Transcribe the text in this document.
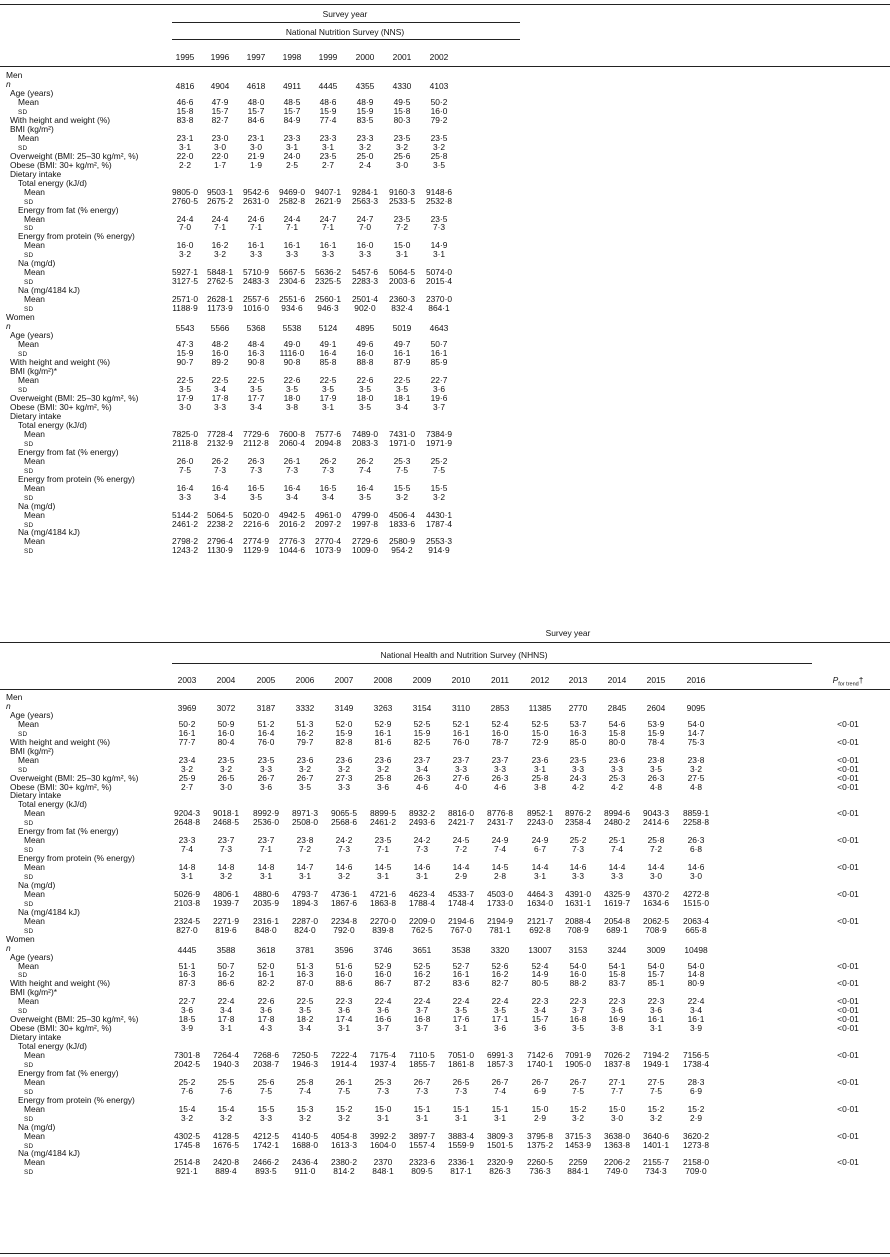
Survey year
National Nutrition Survey (NNS)
1995 1996 1997 1998 1999 2000 2001 2002
Men
n	4816 4904 4618 4911 4445 4355 4330 4103
Age (years)
Mean	46·6 47·9 48·0 48·5 48·6 48·9 49·5 50·2
SD	15·8 15·7 15·7 15·7 15·9 15·9 15·8 16·0
With height and weight (%)	83·8 82·7 84·6 84·9 77·4 83·5 80·3 79·2
BMI (kg/m²)
Mean	23·1 23·0 23·1 23·3 23·3 23·3 23·5 23·5
SD	3·1	3·0	3·0	3·1	3·1	3·2	3·2	3·2
Overweight (BMI: 25–30 kg/m², %)	22·0 22·0 21·9 24·0 23·5 25·0 25·6 25·8
Obese (BMI: 30+ kg/m², %)	2·2	1·7	1·9	2·5	2·7	2·4	3·0	3·5
Dietary intake
Total energy (kJ/d)
Mean	9805·0 9503·1 9542·6 9469·0 9407·1 9284·1 9160·3 9148·6
SD	2760·5 2675·2 2631·0 2582·8 2621·9 2563·3 2533·5 2532·8
Energy from fat (% energy)
Mean	24·4 24·4 24·6 24·4 24·7 24·7 23·5 23·5
SD	7·0	7·1	7·1	7·1	7·1	7·0	7·2	7·3
Energy from protein (% energy)
Mean	16·0 16·2 16·1 16·1 16·1 16·0 15·0 14·9
SD	3·2	3·2	3·3	3·3	3·3	3·3	3·1	3·1
Na (mg/d)
Mean	5927·1 5848·1 5710·9 5667·5 5636·2 5457·6 5064·5 5074·0
SD	3127·5 2762·5 2483·3 2304·6 2325·5 2283·3 2003·6 2015·4
Na (mg/4184 kJ)
Mean	2571·0 2628·1 2557·6 2551·6 2560·1 2501·4 2360·3 2370·0
SD	1188·9 1173·9 1016·0 934·6 946·3 902·0 832·4 864·1
Women
n	5543 5566 5368 5538 5124 4895 5019 4643
Age (years)
Mean	47·3 48·2 48·4 49·0 49·1 49·6 49·7 50·7
SD	15·9 16·0 16·3 1116·0 16·4 16·0 16·1 16·1
With height and weight (%)	90·7 89·2 90·8 90·8 85·8 88·8 87·9 85·9
BMI (kg/m²)*
Mean	22·5 22·5 22·5 22·6 22·5 22·6 22·5 22·7
SD	3·5	3·4	3·5	3·5	3·5	3·5	3·5	3·6
Overweight (BMI: 25–30 kg/m², %)	17·9 17·8 17·7 18·0 17·9 18·0 18·1 19·6
Obese (BMI: 30+ kg/m², %)	3·0	3·3	3·4	3·8	3·1	3·5	3·4	3·7
Dietary intake
Total energy (kJ/d)
Mean	7825·0 7728·4 7729·6 7600·8 7577·6 7489·0 7431·0 7384·9
SD	2118·8 2132·9 2112·8 2060·4 2094·8 2083·3 1971·0 1971·9
Energy from fat (% energy)
Mean	26·0 26·2 26·3 26·1 26·2 26·2 25·3 25·2
SD	7·5	7·3	7·3	7·3	7·3	7·4	7·5	7·5
Energy from protein (% energy)
Mean	16·4 16·4 16·5 16·4 16·5 16·4 15·5 15·5
SD	3·3	3·4	3·5	3·4	3·4	3·5	3·2	3·2
Na (mg/d)
Mean	5144·2 5064·5 5020·0 4942·5 4961·0 4799·0 4506·4 4430·1
SD	2461·2 2238·2 2216·6 2016·2 2097·2 1997·8 1833·6 1787·4
Na (mg/4184 kJ)
Mean	2798·2 2796·4 2774·9 2776·3 2770·4 2729·6 2580·9 2553·3
SD	1243·2 1130·9 1129·9 1044·6 1073·9 1009·0 954·2 914·9
Survey year
National Health and Nutrition Survey (NHNS)
2003 2004	2005 2006 2007 2008 2009 2010 2011	2012 2013 2014 2015	2016	$P_{for trend}\dagger$
Men
n	3969 3072	3187 3332 3149 3263 3154 3110 2853 11385 2770 2845 2604	9095
Age (years)
Mean	50·2	50·9	51·2	51·3	52·0	52·9	52·5	52·1	52·4	52·5	53·7	54·6	53·9	54·0	<0·01
SD	16·1	16·0	16·4	16·2	15·9	16·1	15·9	16·1	16·0	15·0	16·3	15·8	15·9	14·7
With height and weight (%)	77·7	80·4	76·0	79·7	82·8	81·6	82·5	76·0	78·7	72·9	85·0	80·0	78·4	75·3	<0·01
BMI (kg/m²)
Mean	23·4	23·5	23·5	23·6	23·6	23·6	23·7	23·7	23·7	23·6	23·5	23·6	23·8	23·8	<0·01
SD	3·2	3·2	3·3	3·2	3·2	3·2	3·4	3·3	3·3	3·1	3·3	3·3	3·5	3·2	<0·01
Overweight (BMI: 25–30 kg/m², %)	25·9	26·5	26·7	26·7	27·3	25·8	26·3	27·6	26·3	25·8	24·3	25·3	26·3	27·5	<0·01
Obese (BMI: 30+ kg/m², %)	2·7	3·0	3·6	3·5	3·3	3·6	4·6	4·0	4·6	3·8	4·2	4·2	4·8	4·8	<0·01
Dietary intake
Total energy (kJ/d)
Mean	9204·3 9018·1 8992·9 8971·3 9065·5 8899·5 8932·2 8816·0 8776·8 8952·1 8976·2 8994·6 9043·3 8859·1	<0·01
SD	2648·8 2468·5 2536·0 2508·0 2568·6 2461·2 2493·6 2421·7 2431·7 2243·0 2358·4 2480·2 2414·6 2258·8
Energy from fat (% energy)
Mean	23·3	23·7	23·7	23·8	24·2	23·5	24·2	24·5	24·9	24·9	25·2	25·1	25·8	26·3	<0·01
SD	7·4	7·3	7·1	7·2	7·3	7·1	7·3	7·2	7·4	6·7	7·3	7·4	7·2	6·8
Energy from protein (% energy)
Mean	14·8	14·8	14·8	14·7	14·6	14·5	14·6	14·4	14·5	14·4	14·6	14·4	14·4	14·6	<0·01
SD	3·1	3·2	3·1	3·1	3·2	3·1	3·1	2·9	2·8	3·1	3·3	3·3	3·0	3·0
Na (mg/d)
Mean	5026·9 4806·1 4880·6 4793·7 4736·1 4721·6 4623·4 4533·7 4503·0 4464·3 4391·0 4325·9 4370·2 4272·8	<0·01
SD	2103·8 1939·7 2035·9 1894·3 1867·6 1863·8 1788·4 1748·4 1733·0 1634·0 1631·1 1619·7 1634·6 1515·0
Na (mg/4184 kJ)
Mean	2324·5 2271·9 2316·1 2287·0 2234·8 2270·0 2209·0 2194·6 2194·9 2121·7 2088·4 2054·8 2062·5 2063·4	<0·01
SD	827·0 819·6 848·0 824·0 792·0 839·8 762·5 767·0 781·1 692·8 708·9 689·1 708·9 665·8
Women
n	4445 3588	3618 3781 3596 3746 3651 3538 3320 13007 3153 3244 3009 10498
Age (years)
Mean	51·1	50·7	52·0	51·3	51·6	52·9	52·5	52·7	52·6	52·4	54·0	54·1	54·0	54·0	<0·01
SD	16·3	16·2	16·1	16·3	16·0	16·0	16·2	16·1	16·2	14·9	16·0	15·8	15·7	14·8
With height and weight (%)	87·3	86·6	82·2	87·0	88·6	86·7	87·2	83·6	82·7	80·5	88·2	83·7	85·1	80·9	<0·01
BMI (kg/m²)*
Mean	22·7	22·4	22·6	22·5	22·3	22·4	22·4	22·4	22·4	22·3	22·3	22·3	22·3	22·4	<0·01
SD	3·6	3·4	3·6	3·5	3·6	3·6	3·7	3·5	3·5	3·4	3·7	3·6	3·6	3·4	<0·01
Overweight (BMI: 25–30 kg/m², %)	18·5	17·8	17·8	18·2	17·4	16·6	16·8	17·6	17·1	15·7	16·8	16·9	16·1	16·1	<0·01
Obese (BMI: 30+ kg/m², %)	3·9	3·1	4·3	3·4	3·1	3·7	3·7	3·1	3·6	3·6	3·5	3·8	3·1	3·9	<0·01
Dietary intake
Total energy (kJ/d)
Mean	7301·8 7264·4 7268·6 7250·5 7222·4 7175·4 7110·5 7051·0 6991·3 7142·6 7091·9 7026·2 7194·2 7156·5	<0·01
SD	2042·5 1940·3 2038·7 1946·3 1914·4 1937·4 1855·7 1861·8 1857·3 1740·1 1905·0 1837·8 1949·1 1738·4
Energy from fat (% energy)
Mean	25·2	25·5	25·6	25·8	26·1	25·3	26·7	26·5	26·7	26·7	26·7	27·1	27·5	28·3	<0·01
SD	7·6	7·6	7·5	7·4	7·5	7·3	7·3	7·3	7·4	6·9	7·5	7·7	7·5	6·9
Energy from protein (% energy)
Mean	15·4	15·4	15·5	15·3	15·2	15·0	15·1	15·1	15·1	15·0	15·2	15·0	15·2	15·2	<0·01
SD	3·2	3·2	3·3	3·2	3·2	3·1	3·1	3·1	3·1	2·9	3·2	3·0	3·2	2·9
Na (mg/d)
Mean	4302·5 4128·5 4212·5 4140·5 4054·8 3992·2 3897·7 3883·4 3809·3 3795·8 3715·3 3638·0 3640·6 3620·2	<0·01
SD	1745·8 1676·5 1742·1 1688·0 1613·3 1604·0 1557·4 1559·9 1501·5 1375·2 1453·9 1363·8 1401·1 1273·8
Na (mg/4184 kJ)
Mean	2514·8 2420·8 2466·2 2436·4 2380·2 2370 2323·6 2336·1 2320·9 2260·5 2259 2206·2 2155·7 2158·0	<0·01
SD	921·1 889·4 893·5 911·0 814·2 848·1 809·5 817·1 826·3 736·3 884·1 749·0 734·3 709·0
